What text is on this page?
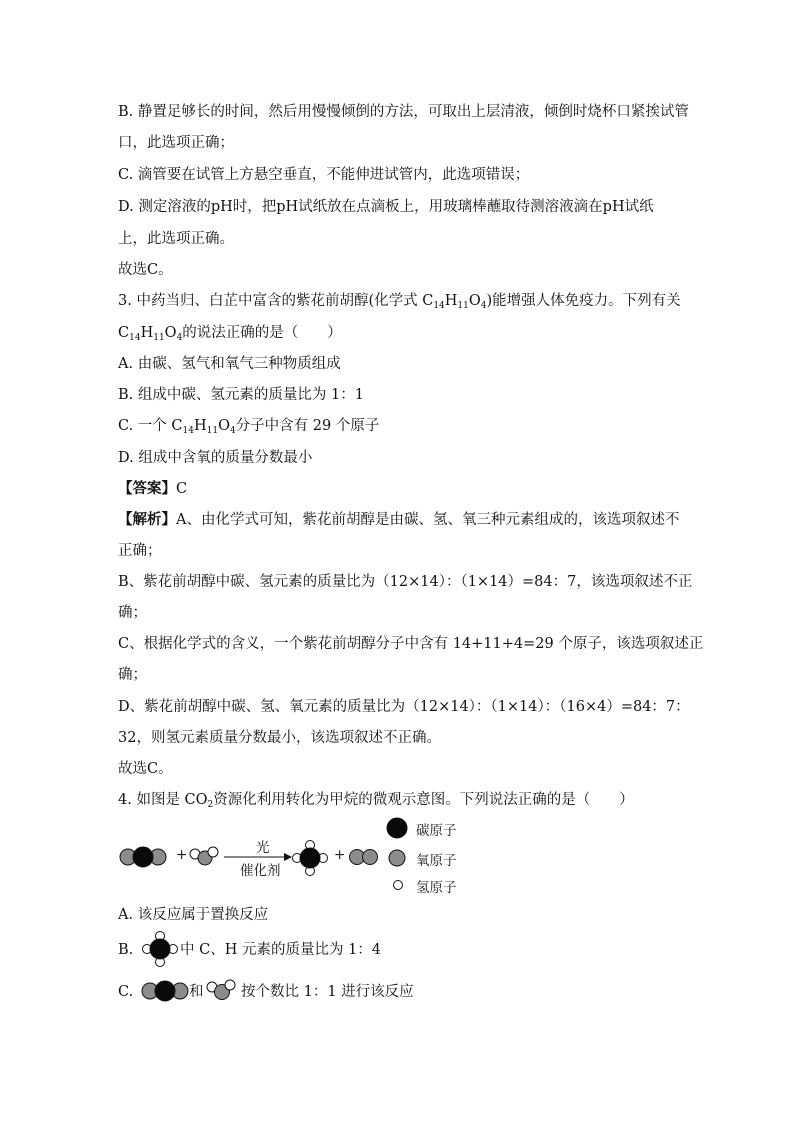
B. 静置足够长的时间，然后用慢慢倾倒的方法，可取出上层清液，倾倒时烧杯口紧挨试管
口，此选项正确；
C. 滴管要在试管上方悬空垂直，不能伸进试管内，此选项错误；
D. 测定溶液的pH时，把pH试纸放在点滴板上，用玻璃棒蘸取待测溶液滴在pH试纸
上，此选项正确。
故选C。
3. 中药当归、白芷中富含的紫花前胡醇(化学式 $C_{14}H_{11}O_4$)能增强人体免疫力。下列有关
$C_{14}H_{11}O_4$的说法正确的是（　　）
A. 由碳、氢气和氧气三种物质组成
B. 组成中碳、氢元素的质量比为 1：1
C. 一个 $C_{14}H_{11}O_4$分子中含有 29 个原子
D. 组成中含氧的质量分数最小
【答案】C
【解析】A、由化学式可知，紫花前胡醇是由碳、氢、氧三种元素组成的，该选项叙述不
正确；
B、紫花前胡醇中碳、氢元素的质量比为（12×14）：（1×14）=84：7，该选项叙述不正
确；
C、根据化学式的含义，一个紫花前胡醇分子中含有 14+11+4=29 个原子，该选项叙述正
确；
D、紫花前胡醇中碳、氢、氧元素的质量比为（12×14）：（1×14）：（16×4）=84：7：
32，则氢元素质量分数最小，该选项叙述不正确。
故选C。
4. 如图是 $CO_2$资源化利用转化为甲烷的微观示意图。下列说法正确的是（　　）
+	光
催化剂
+
碳原子
氧原子
氢原子
A. 该反应属于置换反应
B.	中 C、H 元素的质量比为 1：4
C.	和	按个数比 1：1 进行该反应
